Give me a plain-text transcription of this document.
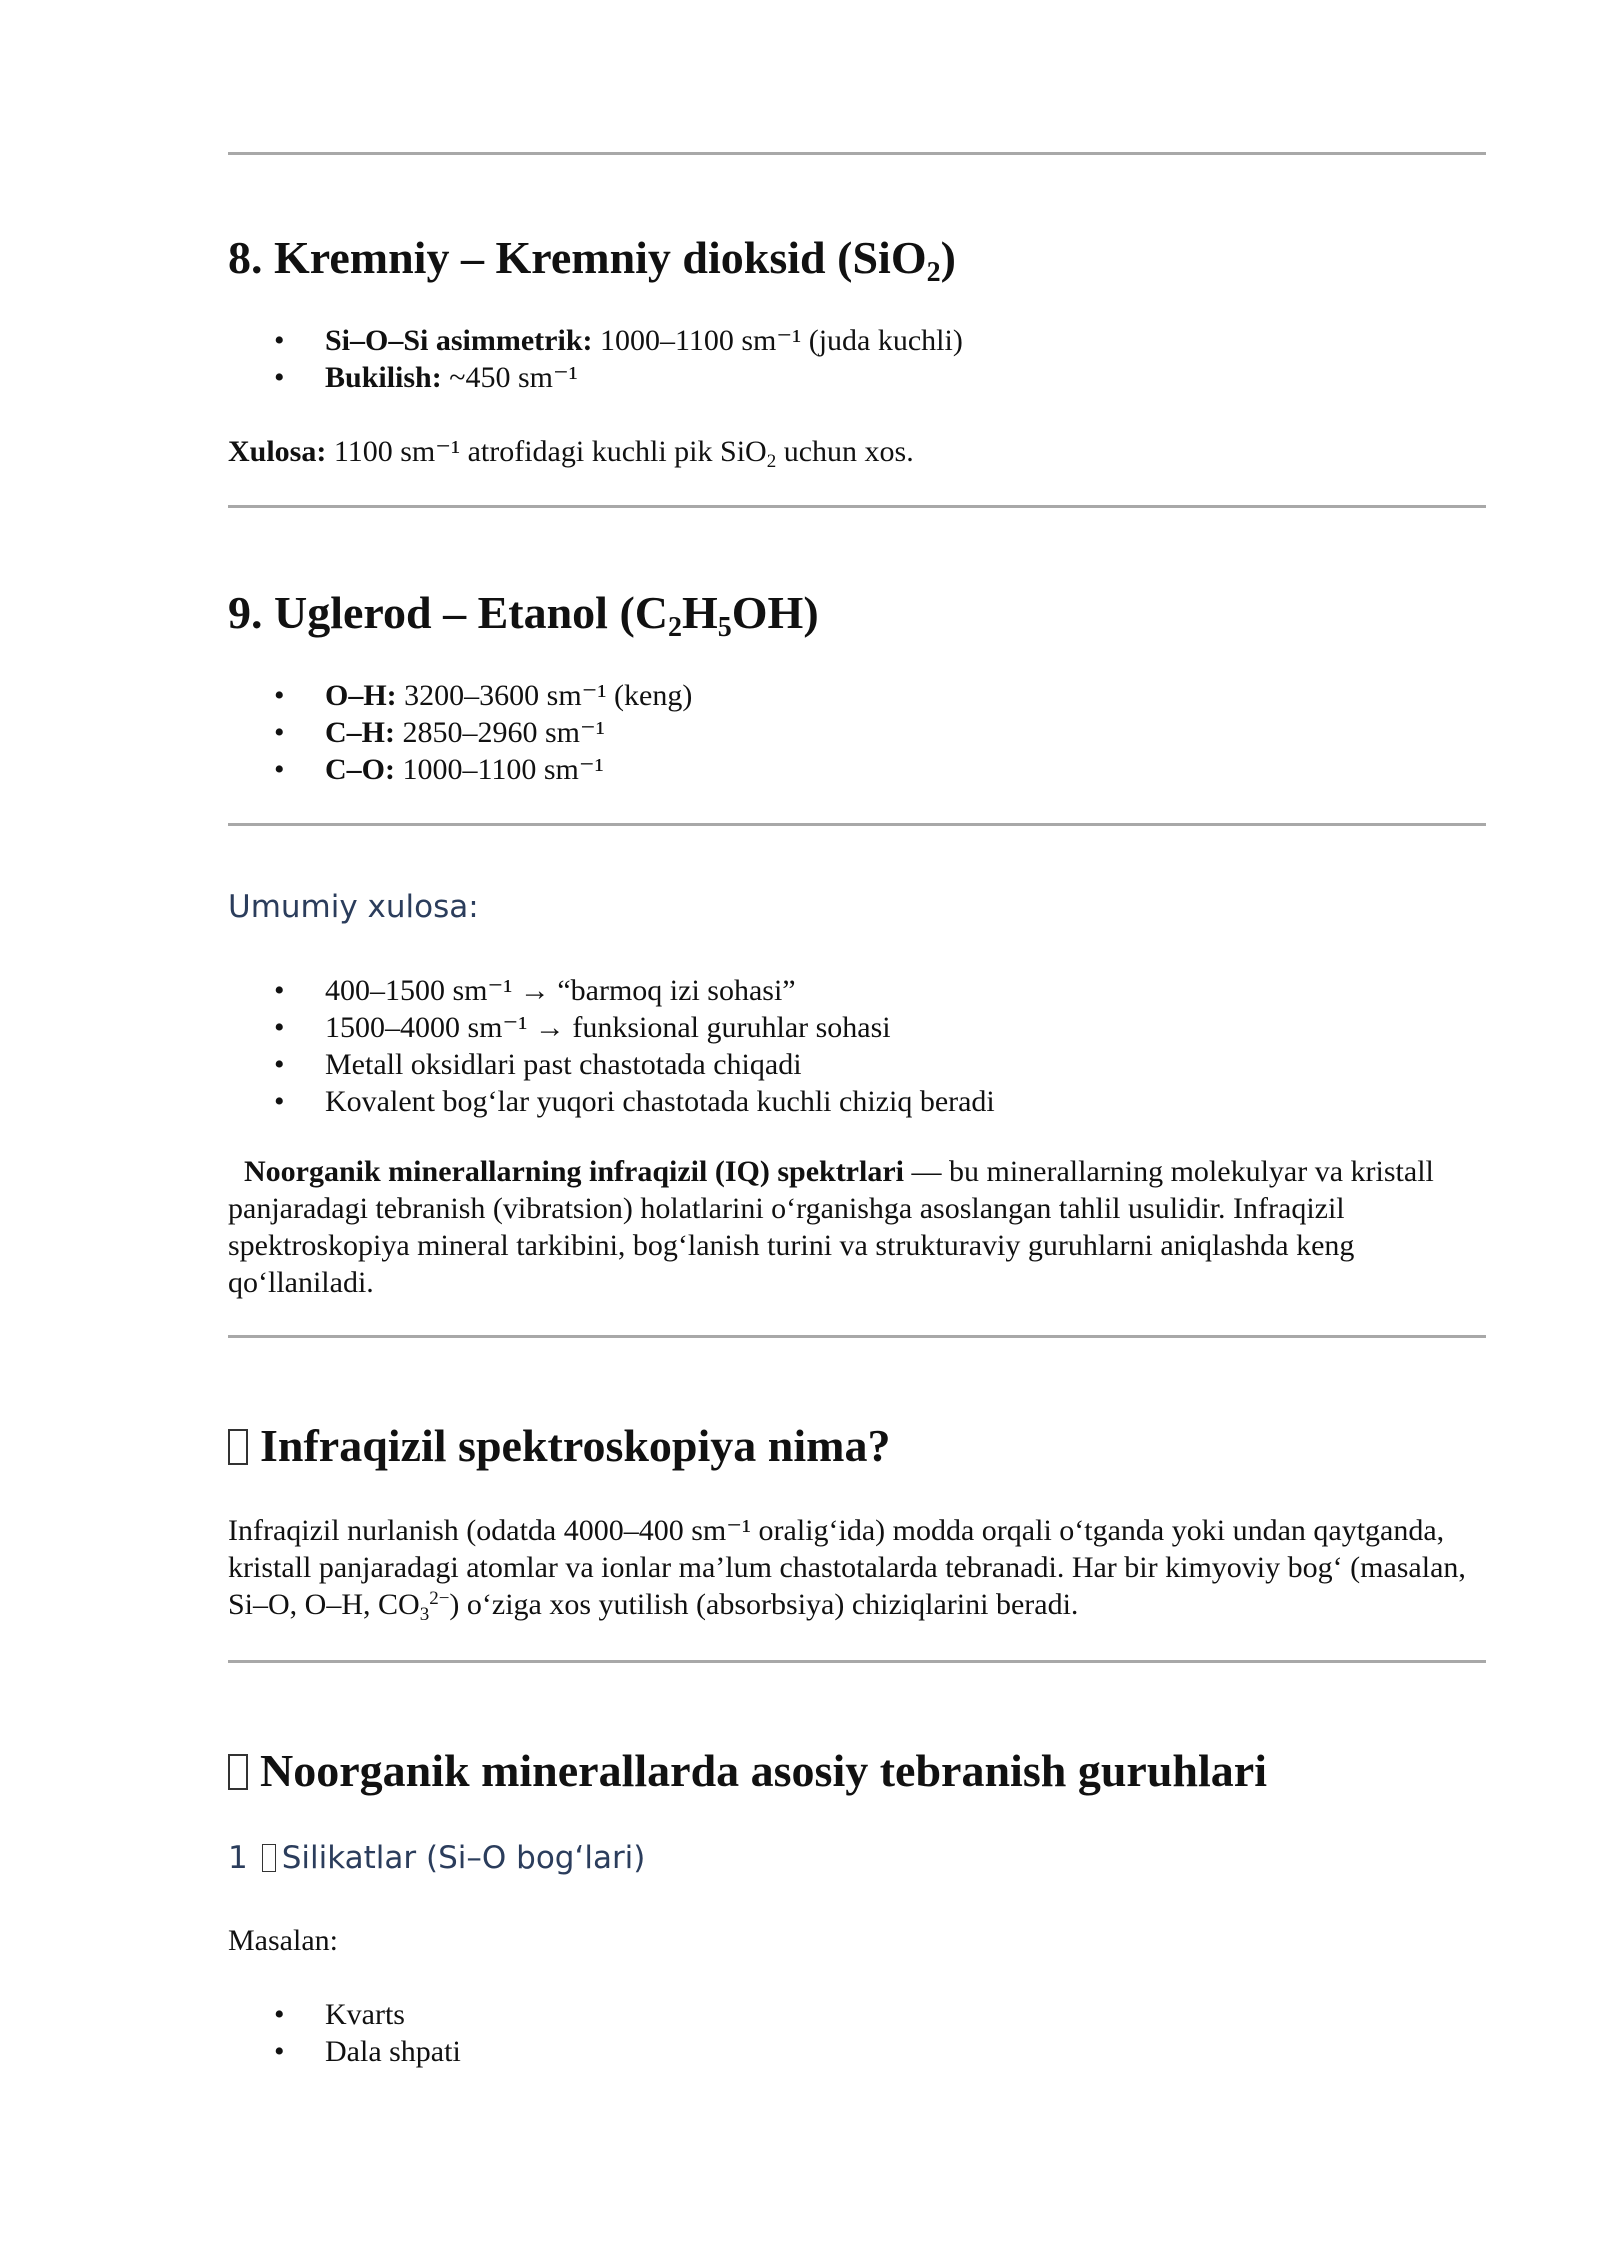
8. Kremniy – Kremniy dioksid (SiO$_2$)
• Si–O–Si asimmetrik: 1000–1100 sm⁻¹ (juda kuchli)
• Bukilish: ~450 sm⁻¹

Xulosa: 1100 sm⁻¹ atrofidagi kuchli pik SiO$_2$ uchun xos.

9. Uglerod – Etanol $(C_2H_5OH)$
• O–H: 3200–3600 sm⁻¹ (keng)
• C–H: 2850–2960 sm⁻¹
• C–O: 1000–1100 sm⁻¹
Umumiy xulosa:
• 400–1500 sm⁻¹ → “barmoq izi sohasi”
• 1500–4000 sm⁻¹ → funksional guruhlar sohasi
• Metall oksidlari past chastotada chiqadi
• Kovalent bog‘lar yuqori chastotada kuchli chiziq beradi

Noorganik minerallarning infraqizil (IQ) spektrlari — bu minerallarning molekulyar va kristall panjaradagi tebranish (vibratsion) holatlarini o‘rganishga asoslangan tahlil usulidir. Infraqizil spektroskopiya mineral tarkibini, bog‘lanish turini va strukturaviy guruhlarni aniqlashda keng qo‘llaniladi.

Infraqizil spektroskopiya nima?

Infraqizil nurlanish (odatda 4000–400 sm⁻¹ oralig‘ida) modda orqali o‘tganda yoki undan qaytganda, kristall panjaradagi atomlar va ionlar ma’lum chastotalarda tebranadi. Har bir kimyoviy bog‘ (masalan, Si–O, O–H, $CO_3^{2-}$) o‘ziga xos yutilish (absorbsiya) chiziqlarini beradi.

Noorganik minerallarda asosiy tebranish guruhlari
1 Silikatlar (Si–O bog‘lari)

Masalan:

• Kvarts
• Dala shpati
